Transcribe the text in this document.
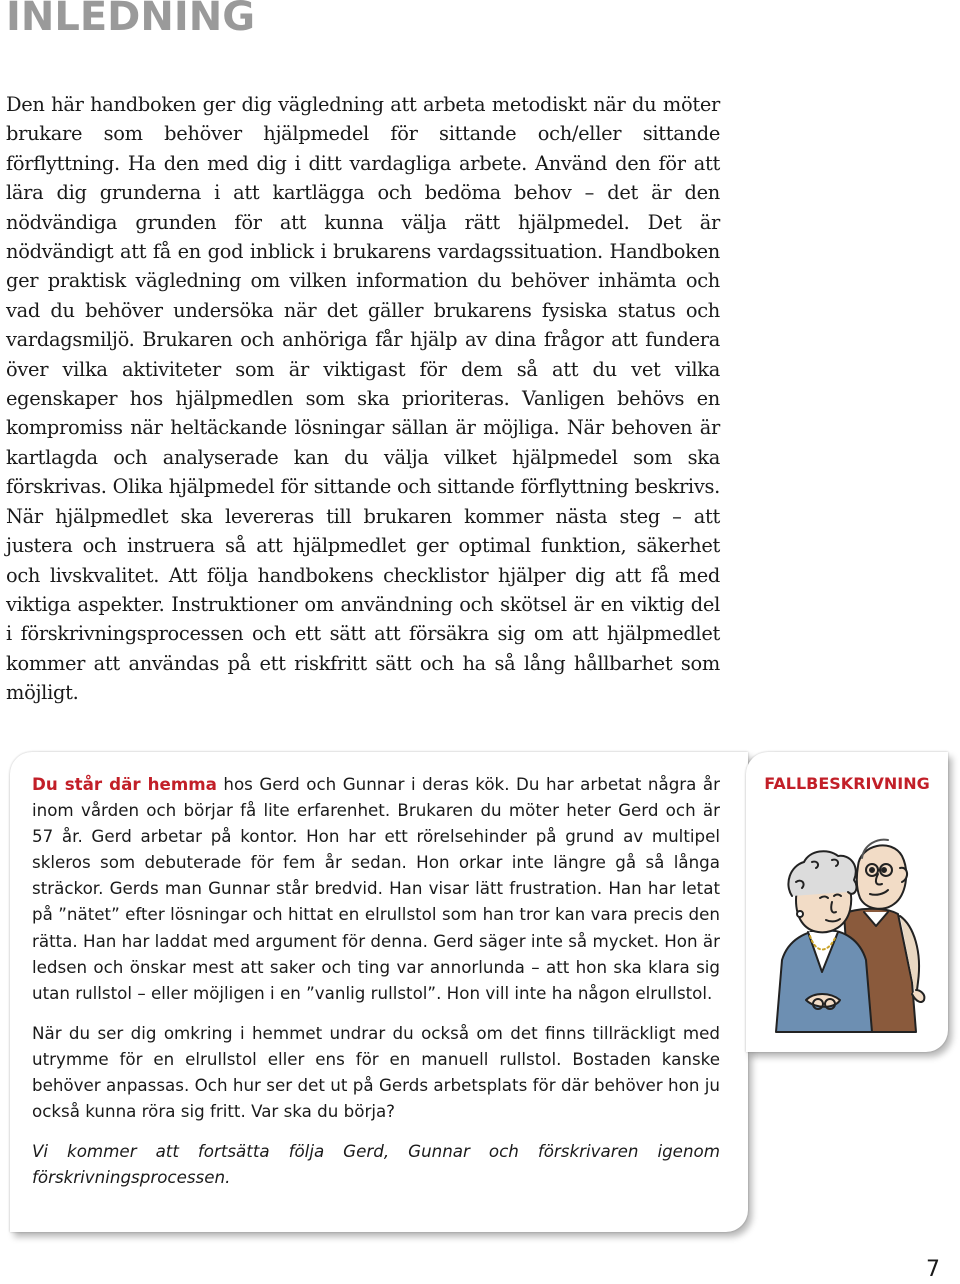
INLEDNING

Den här handboken ger dig vägledning att arbeta metodiskt när du möter brukare som behöver hjälpmedel för sittande och/eller sittande förflyttning. Ha den med dig i ditt vardagliga arbete. Använd den för att lära dig grunderna i att kartlägga och bedöma behov – det är den nödvändiga grunden för att kunna välja rätt hjälpmedel. Det är nödvändigt att få en god inblick i brukarens vardagssituation. Handboken ger praktisk vägledning om vilken information du behöver inhämta och vad du behöver undersöka när det gäller brukarens fysiska status och vardagsmiljö. Brukaren och anhöriga får hjälp av dina frågor att fundera över vilka aktiviteter som är viktigast för dem så att du vet vilka egenskaper hos hjälpmedlen som ska prioriteras. Vanligen behövs en kompromiss när heltäckande lösningar sällan är möjliga. När behoven är kartlagda och analyserade kan du välja vilket hjälpmedel som ska förskrivas. Olika hjälpmedel för sittande och sittande förflyttning beskrivs. När hjälpmedlet ska levereras till brukaren kommer nästa steg – att justera och instruera så att hjälpmedlet ger optimal funktion, säkerhet och livskvalitet. Att följa handbokens checklistor hjälper dig att få med viktiga aspekter. Instruktioner om användning och skötsel är en viktig del i förskrivningsprocessen och ett sätt att försäkra sig om att hjälpmedlet kommer att användas på ett riskfritt sätt och ha så lång hållbarhet som möjligt.

Du står där hemma hos Gerd och Gunnar i deras kök. Du har arbetat några år inom vården och börjar få lite erfarenhet. Brukaren du möter heter Gerd och är 57 år. Gerd arbetar på kontor. Hon har ett rörelsehinder på grund av multipel skleros som debuterade för fem år sedan. Hon orkar inte längre gå så långa sträckor. Gerds man Gunnar står bredvid. Han visar lätt frustration. Han har letat på ”nätet” efter lösningar och hittat en elrullstol som han tror kan vara precis den rätta. Han har laddat med argument för denna. Gerd säger inte så mycket. Hon är ledsen och önskar mest att saker och ting var annorlunda – att hon ska klara sig utan rullstol – eller möjligen i en ”vanlig rullstol”. Hon vill inte ha någon elrullstol.

När du ser dig omkring i hemmet undrar du också om det finns tillräckligt med utrymme för en elrullstol eller ens för en manuell rullstol. Bostaden kanske behöver anpassas. Och hur ser det ut på Gerds arbetsplats för där behöver hon ju också kunna röra sig fritt. Var ska du börja?

Vi kommer att fortsätta följa Gerd, Gunnar och förskrivaren igenom förskrivningsprocessen.

FALLBESKRIVNING
7
